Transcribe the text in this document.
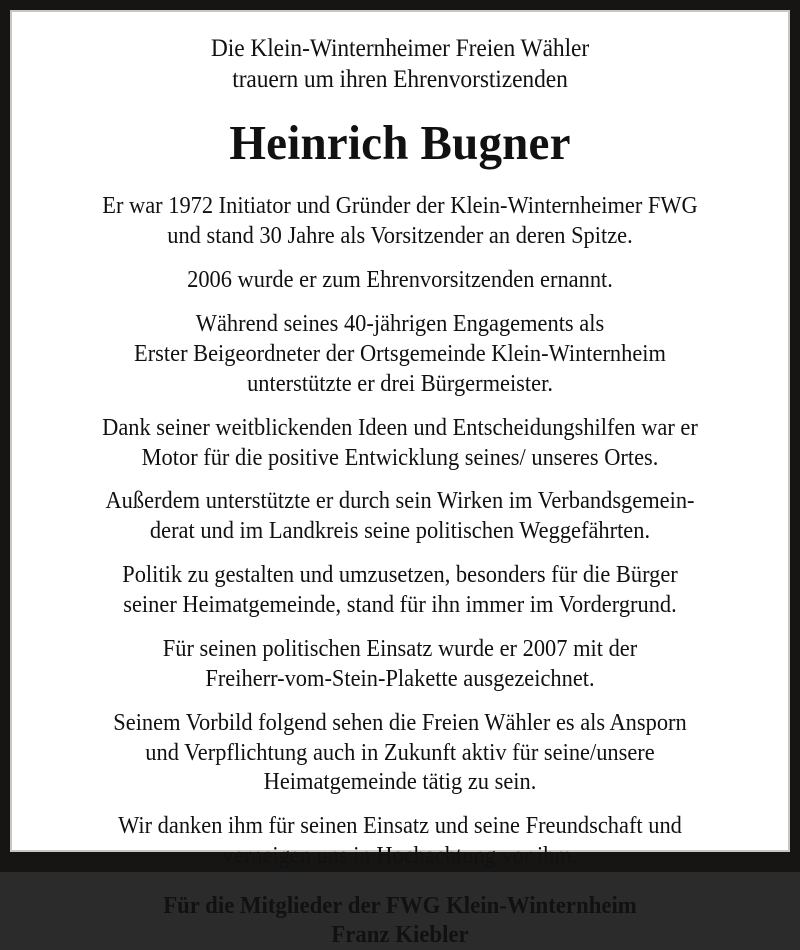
Die Klein-Winternheimer Freien Wähler
trauern um ihren Ehrenvorstizenden
Heinrich Bugner

Er war 1972 Initiator und Gründer der Klein-Winternheimer FWG
und stand 30 Jahre als Vorsitzender an deren Spitze.

2006 wurde er zum Ehrenvorsitzenden ernannt.

Während seines 40-jährigen Engagements als
Erster Beigeordneter der Ortsgemeinde Klein-Winternheim
unterstützte er drei Bürgermeister.

Dank seiner weitblickenden Ideen und Entscheidungshilfen war er
Motor für die positive Entwicklung seines/ unseres Ortes.

Außerdem unterstützte er durch sein Wirken im Verbandsgemein-
derat und im Landkreis seine politischen Weggefährten.

Politik zu gestalten und umzusetzen, besonders für die Bürger
seiner Heimatgemeinde, stand für ihn immer im Vordergrund.

Für seinen politischen Einsatz wurde er 2007 mit der
Freiherr-vom-Stein-Plakette ausgezeichnet.

Seinem Vorbild folgend sehen die Freien Wähler es als Ansporn
und Verpflichtung auch in Zukunft aktiv für seine/unsere
Heimatgemeinde tätig zu sein.

Wir danken ihm für seinen Einsatz und seine Freundschaft und
verneigen uns in Hochachtung vor ihm.

Für die Mitglieder der FWG Klein-Winternheim
Franz Kiebler
